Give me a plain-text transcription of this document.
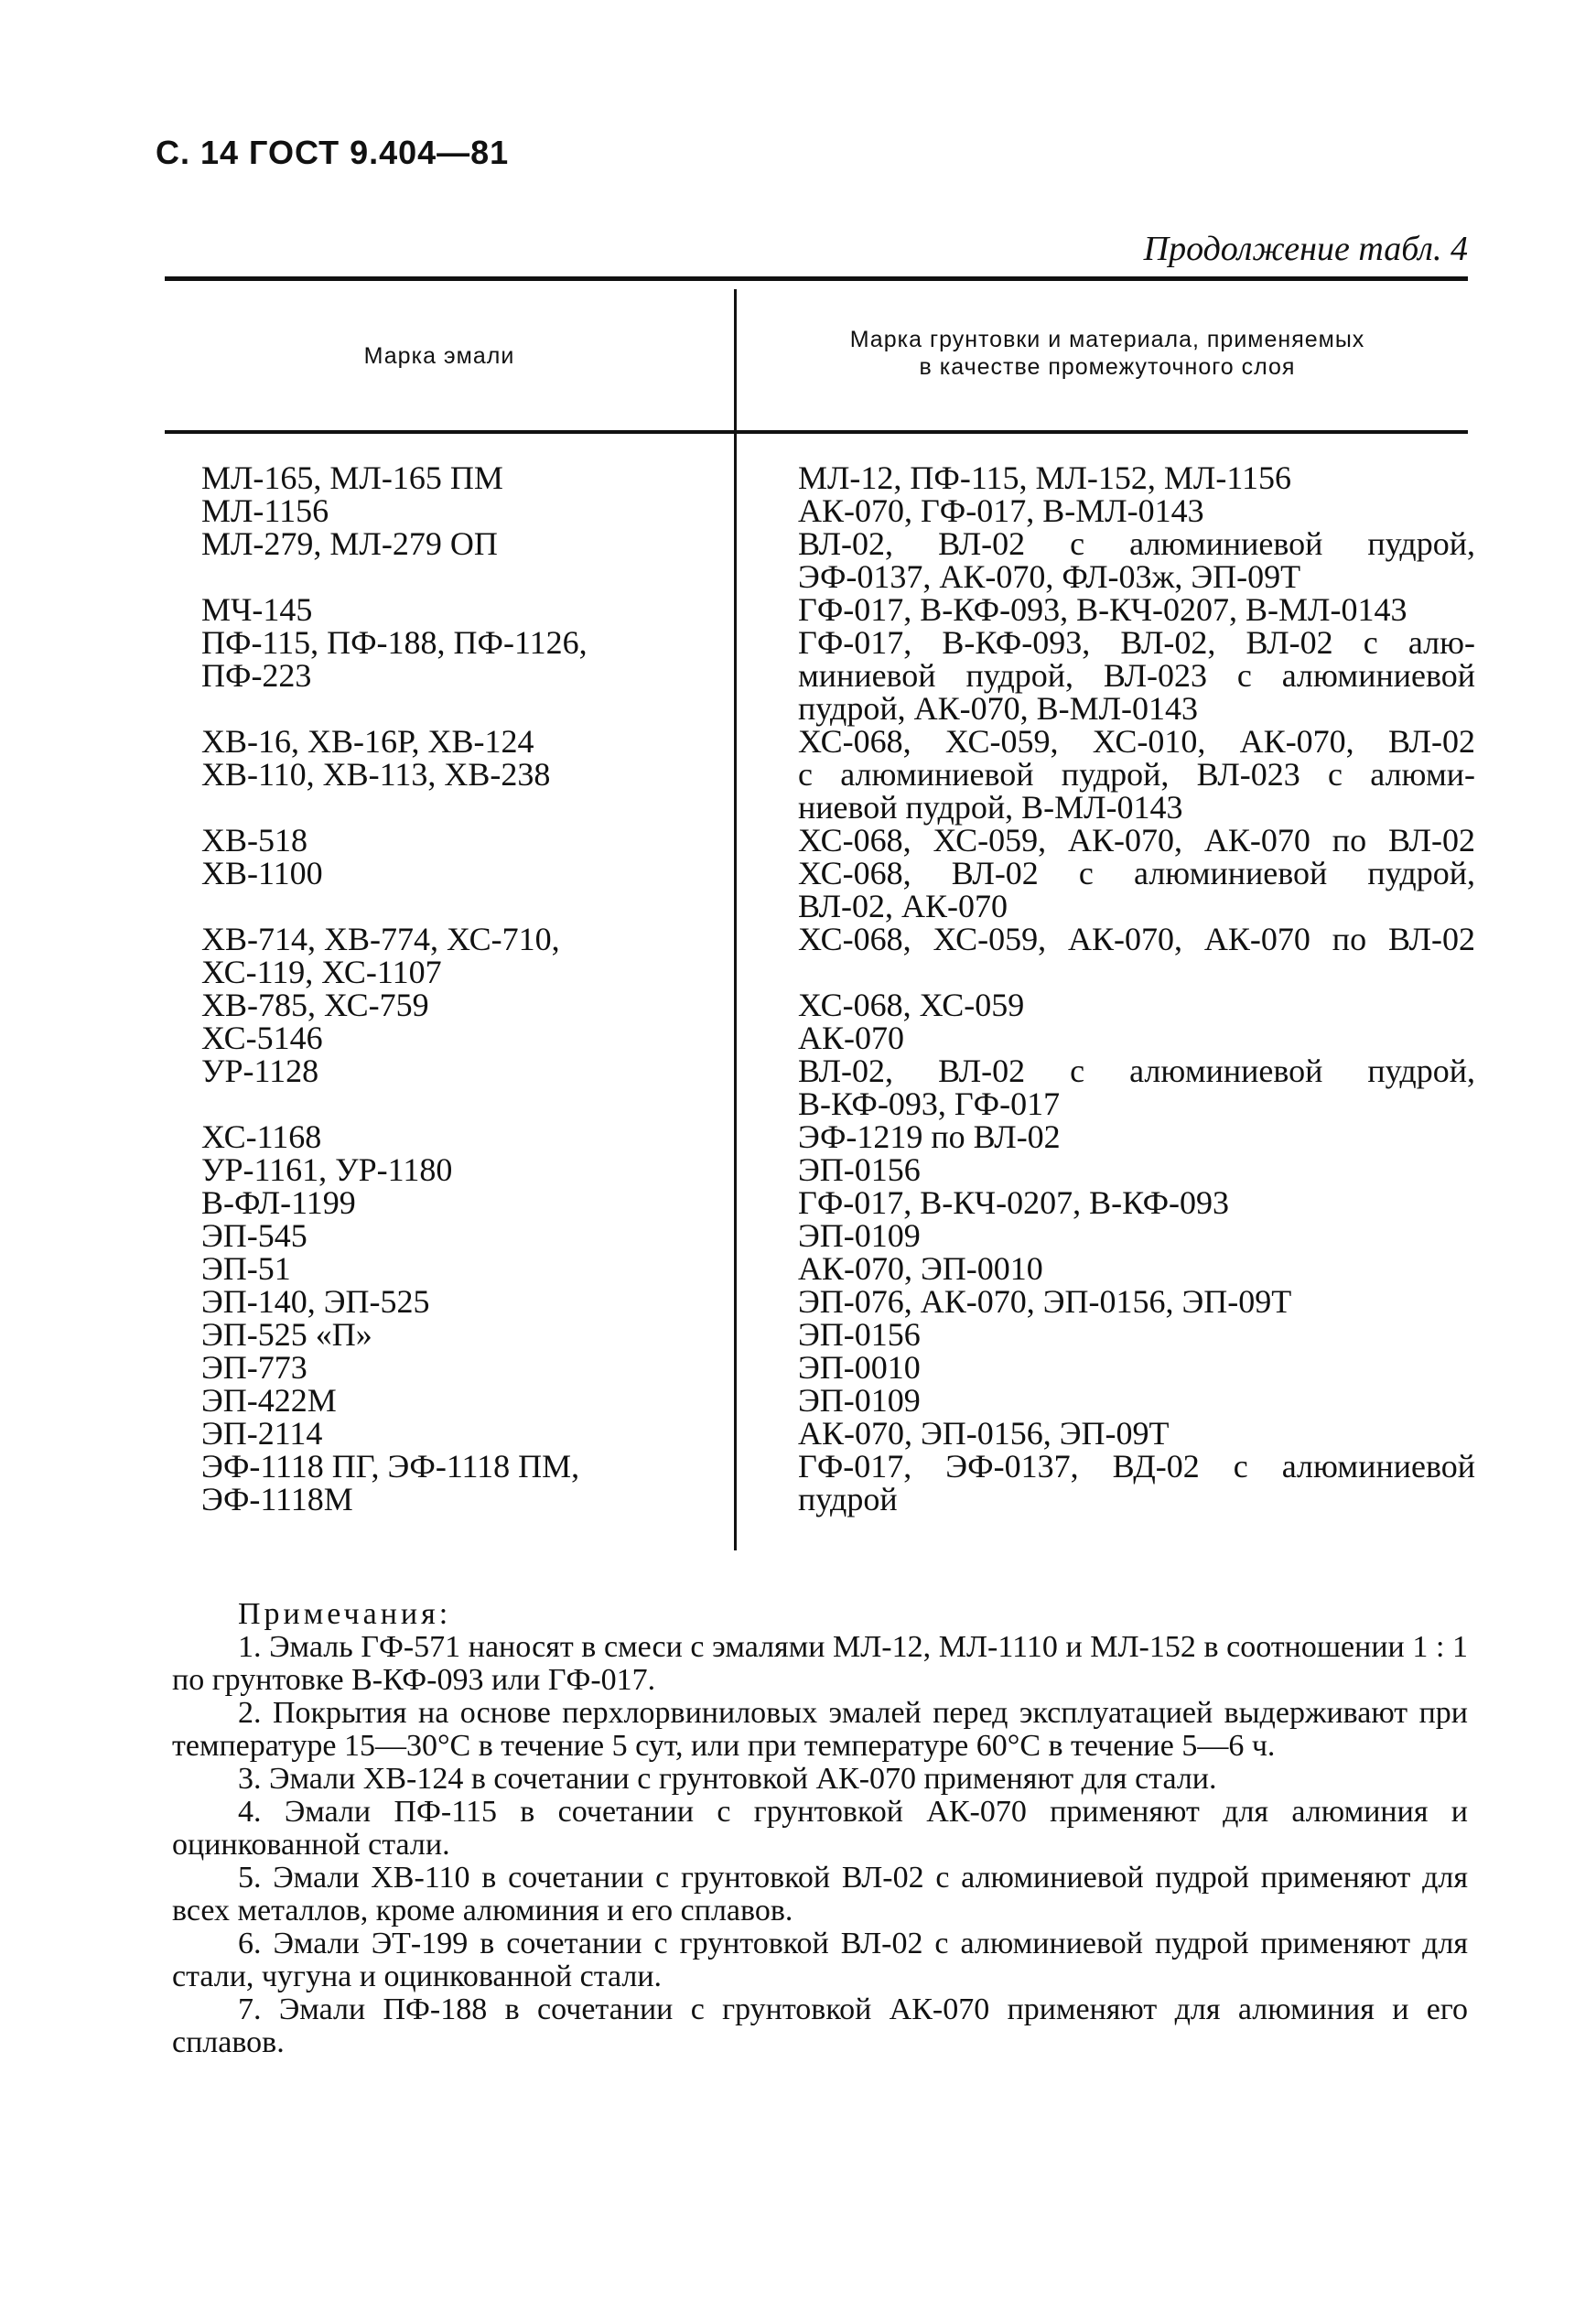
С. 14 ГОСТ 9.404—81
Продолжение табл. 4
Марка эмали
Марка грунтовки и материала, применяемых
в качестве промежуточного слоя
МЛ-165, МЛ-165 ПМ
МЛ-1156
МЛ-279, МЛ-279 ОП
МЧ-145
ПФ-115, ПФ-188, ПФ-1126,
ПФ-223
ХВ-16, ХВ-16Р, ХВ-124
ХВ-110, ХВ-113, ХВ-238
ХВ-518
ХВ-1100
ХВ-714, ХВ-774, ХС-710,
ХС-119, ХС-1107
ХВ-785, ХС-759
ХС-5146
УР-1128
ХС-1168
УР-1161, УР-1180
В-ФЛ-1199
ЭП-545
ЭП-51
ЭП-140, ЭП-525
ЭП-525 «П»
ЭП-773
ЭП-422М
ЭП-2114
ЭФ-1118 ПГ, ЭФ-1118 ПМ,
ЭФ-1118М
МЛ-12, ПФ-115, МЛ-152, МЛ-1156
АК-070, ГФ-017, В-МЛ-0143
ВЛ-02, ВЛ-02 с алюминиевой пудрой,
ЭФ-0137, АК-070, ФЛ-03ж, ЭП-09Т
ГФ-017, В-КФ-093, В-КЧ-0207, В-МЛ-0143
ГФ-017, В-КФ-093, ВЛ-02, ВЛ-02 с алю-
миниевой пудрой, ВЛ-023 с алюминиевой
пудрой, АК-070, В-МЛ-0143
ХС-068, ХС-059, ХС-010, АК-070, ВЛ-02
с алюминиевой пудрой, ВЛ-023 с алюми-
ниевой пудрой, В-МЛ-0143
ХС-068, ХС-059, АК-070, АК-070 по ВЛ-02
ХС-068, ВЛ-02 с алюминиевой пудрой,
ВЛ-02, АК-070
ХС-068, ХС-059, АК-070, АК-070 по ВЛ-02
ХС-068, ХС-059
АК-070
ВЛ-02, ВЛ-02 с алюминиевой пудрой,
В-КФ-093, ГФ-017
ЭФ-1219 по ВЛ-02
ЭП-0156
ГФ-017, В-КЧ-0207, В-КФ-093
ЭП-0109
АК-070, ЭП-0010
ЭП-076, АК-070, ЭП-0156, ЭП-09Т
ЭП-0156
ЭП-0010
ЭП-0109
АК-070, ЭП-0156, ЭП-09Т
ГФ-017, ЭФ-0137, ВД-02 с алюминиевой
пудрой
Примечания:
1. Эмаль ГФ-571 наносят в смеси с эмалями МЛ-12, МЛ-1110 и МЛ-152 в соотношении 1 : 1 по грунтовке В-КФ-093 или ГФ-017.
2. Покрытия на основе перхлорвиниловых эмалей перед эксплуатацией выдерживают при температуре 15—30°С в течение 5 сут, или при температуре 60°С в течение 5—6 ч.
3. Эмали ХВ-124 в сочетании с грунтовкой АК-070 применяют для стали.
4. Эмали ПФ-115 в сочетании с грунтовкой АК-070 применяют для алюминия и оцинкованной стали.
5. Эмали ХВ-110 в сочетании с грунтовкой ВЛ-02 с алюминиевой пудрой применяют для всех металлов, кроме алюминия и его сплавов.
6. Эмали ЭТ-199 в сочетании с грунтовкой ВЛ-02 с алюминиевой пудрой применяют для стали, чугуна и оцинкованной стали.
7. Эмали ПФ-188 в сочетании с грунтовкой АК-070 применяют для алюминия и его сплавов.
